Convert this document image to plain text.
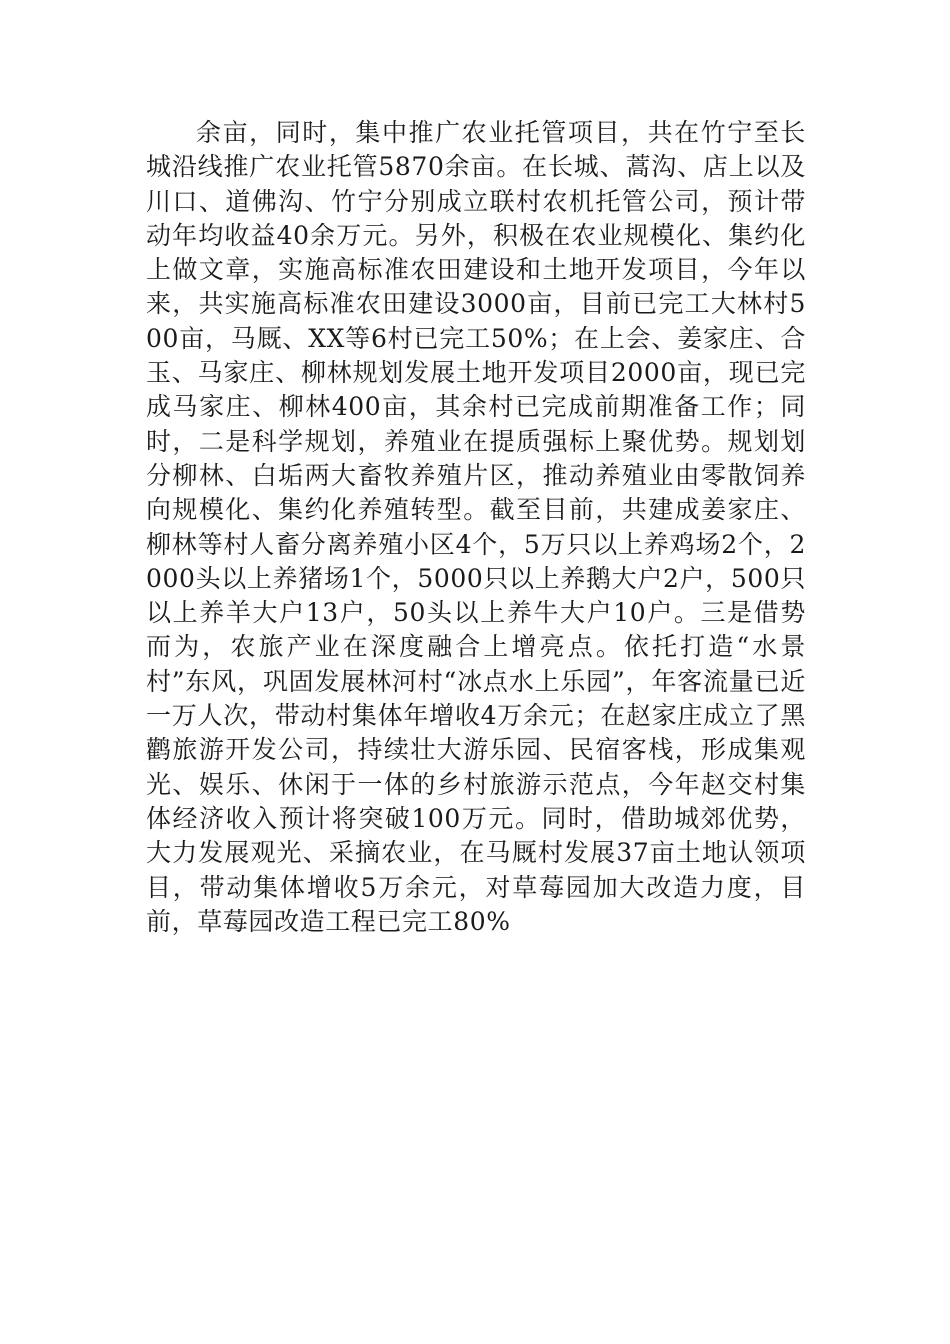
余亩，同时，集中推广农业托管项目，共在竹宁至长城沿线推广农业托管5870余亩。在长城、蒿沟、店上以及川口、道佛沟、竹宁分别成立联村农机托管公司，预计带动年均收益40余万元。另外，积极在农业规模化、集约化上做文章，实施高标准农田建设和土地开发项目，今年以来，共实施高标准农田建设3000亩，目前已完工大林村500亩，马厩、XX等6村已完工50%；在上会、姜家庄、合玉、马家庄、柳林规划发展土地开发项目2000亩，现已完成马家庄、柳林400亩，其余村已完成前期准备工作；同时，二是科学规划，养殖业在提质强标上聚优势。规划划分柳林、白垢两大畜牧养殖片区，推动养殖业由零散饲养向规模化、集约化养殖转型。截至目前，共建成姜家庄、柳林等村人畜分离养殖小区4个，5万只以上养鸡场2个，2000头以上养猪场1个，5000只以上养鹅大户2户，500只以上养羊大户13户，50头以上养牛大户10户。三是借势而为，农旅产业在深度融合上增亮点。依托打造“水景村”东风，巩固发展林河村“冰点水上乐园”，年客流量已近一万人次，带动村集体年增收4万余元；在赵家庄成立了黑鹳旅游开发公司，持续壮大游乐园、民宿客栈，形成集观光、娱乐、休闲于一体的乡村旅游示范点，今年赵交村集体经济收入预计将突破100万元。同时，借助城郊优势，大力发展观光、采摘农业，在马厩村发展37亩土地认领项目，带动集体增收5万余元，对草莓园加大改造力度，目前，草莓园改造工程已完工80%
